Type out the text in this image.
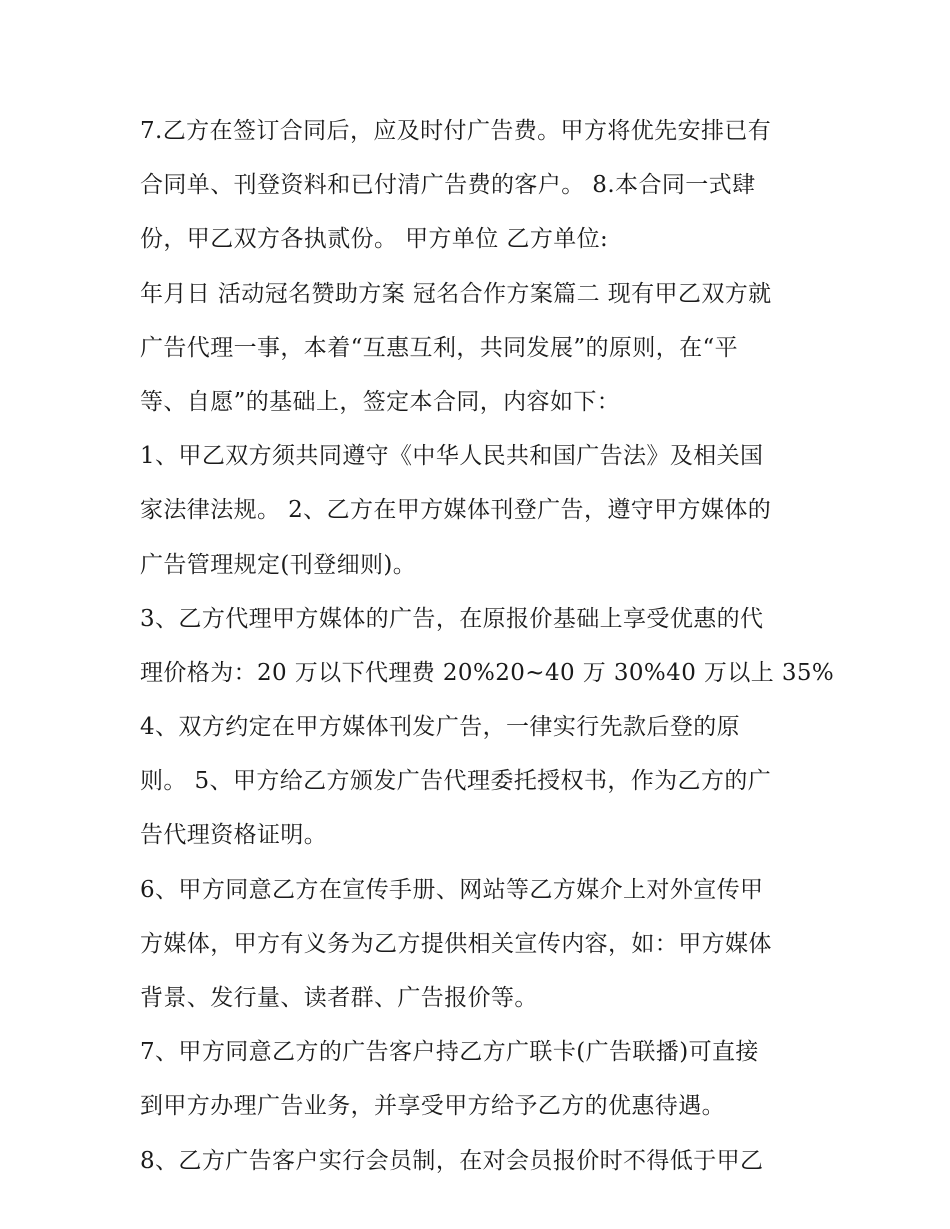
7.乙方在签订合同后，应及时付广告费。甲方将优先安排已有
合同单、刊登资料和已付清广告费的客户。 8.本合同一式肆
份，甲乙双方各执贰份。 甲方单位 乙方单位:
年月日 活动冠名赞助方案 冠名合作方案篇二 现有甲乙双方就
广告代理一事，本着“互惠互利，共同发展”的原则，在“平
等、自愿”的基础上，签定本合同，内容如下：
1、甲乙双方须共同遵守《中华人民共和国广告法》及相关国
家法律法规。 2、乙方在甲方媒体刊登广告，遵守甲方媒体的
广告管理规定(刊登细则)。
3、乙方代理甲方媒体的广告，在原报价基础上享受优惠的代
理价格为：20 万以下代理费 20%20~40 万 30%40 万以上 35%
4、双方约定在甲方媒体刊发广告，一律实行先款后登的原
则。 5、甲方给乙方颁发广告代理委托授权书，作为乙方的广
告代理资格证明。
6、甲方同意乙方在宣传手册、网站等乙方媒介上对外宣传甲
方媒体，甲方有义务为乙方提供相关宣传内容，如：甲方媒体
背景、发行量、读者群、广告报价等。
7、甲方同意乙方的广告客户持乙方广联卡(广告联播)可直接
到甲方办理广告业务，并享受甲方给予乙方的优惠待遇。
8、乙方广告客户实行会员制，在对会员报价时不得低于甲乙
